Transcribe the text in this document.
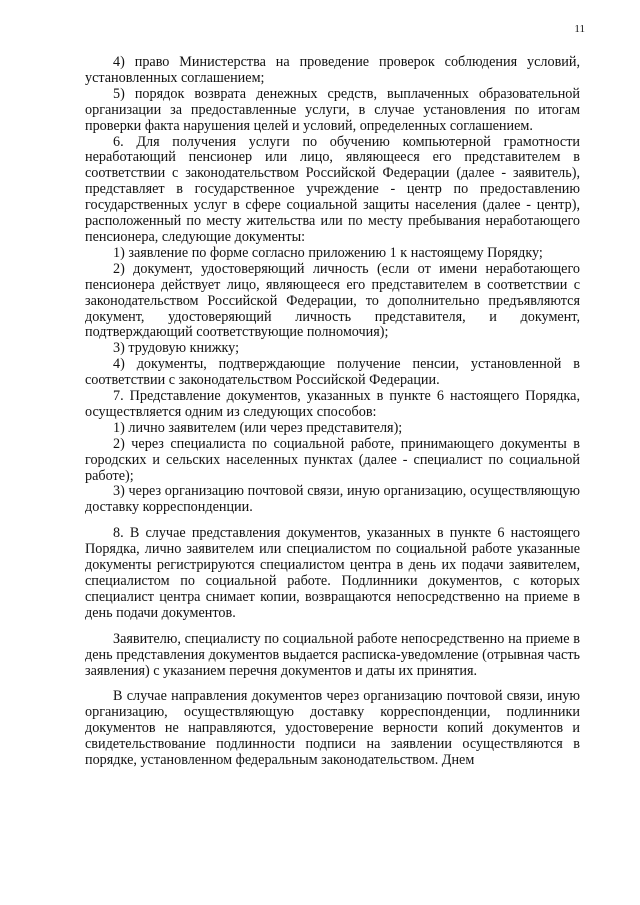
11

4) право Министерства на проведение проверок соблюдения условий, установленных соглашением;

5) порядок возврата денежных средств, выплаченных образовательной организации за предоставленные услуги, в случае установления по итогам проверки факта нарушения целей и условий, определенных соглашением.

6. Для получения услуги по обучению компьютерной грамотности неработающий пенсионер или лицо, являющееся его представителем в соответствии с законодательством Российской Федерации (далее - заявитель), представляет в государственное учреждение - центр по предоставлению государственных услуг в сфере социальной защиты населения (далее - центр), расположенный по месту жительства или по месту пребывания неработающего пенсионера, следующие документы:

1) заявление по форме согласно приложению 1 к настоящему Порядку;

2) документ, удостоверяющий личность (если от имени неработающего пенсионера действует лицо, являющееся его представителем в соответствии с законодательством Российской Федерации, то дополнительно предъявляются документ, удостоверяющий личность представителя, и документ, подтверждающий соответствующие полномочия);

3) трудовую книжку;

4) документы, подтверждающие получение пенсии, установленной в соответствии с законодательством Российской Федерации.

7. Представление документов, указанных в пункте 6 настоящего Порядка, осуществляется одним из следующих способов:

1) лично заявителем (или через представителя);

2) через специалиста по социальной работе, принимающего документы в городских и сельских населенных пунктах (далее - специалист по социальной работе);

3) через организацию почтовой связи, иную организацию, осуществляющую доставку корреспонденции.

8. В случае представления документов, указанных в пункте 6 настоящего Порядка, лично заявителем или специалистом по социальной работе указанные документы регистрируются специалистом центра в день их подачи заявителем, специалистом по социальной работе. Подлинники документов, с которых специалист центра снимает копии, возвращаются непосредственно на приеме в день подачи документов.

Заявителю, специалисту по социальной работе непосредственно на приеме в день представления документов выдается расписка-уведомление (отрывная часть заявления) с указанием перечня документов и даты их принятия.

В случае направления документов через организацию почтовой связи, иную организацию, осуществляющую доставку корреспонденции, подлинники документов не направляются, удостоверение верности копий документов и свидетельствование подлинности подписи на заявлении осуществляются в порядке, установленном федеральным законодательством. Днем
